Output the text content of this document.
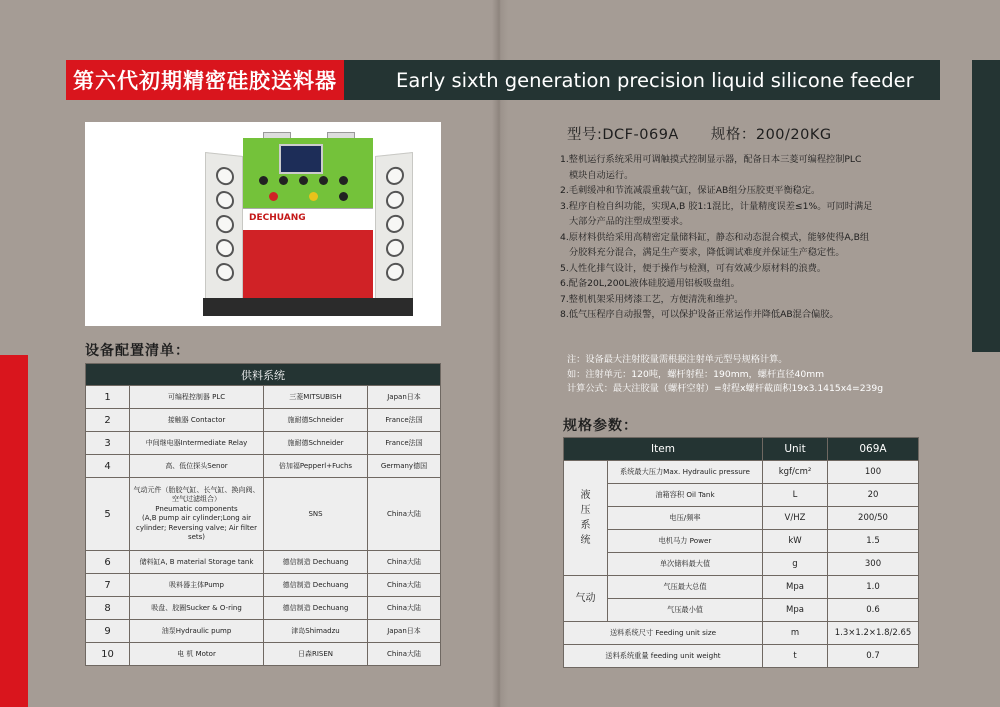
第六代初期精密硅胶送料器	Early sixth generation precision liquid silicone feeder
DECHUANG
型号:DCF-069A 规格：200/20KG
1.整机运行系统采用可调触摸式控制显示器，配备日本三菱可编程控制PLC
模块自动运行。
2.毛刺缓冲和节流减震重载气缸，保证AB组分压胶更平衡稳定。
3.程序自检自纠功能，实现A,B 胶1:1混比，计量精度误差≤1%。可同时满足
大部分产品的注塑成型要求。
4.原材料供给采用高精密定量储料缸，静态和动态混合模式，能够使得A,B组
分胶料充分混合，满足生产要求，降低调试难度并保证生产稳定性。
5.人性化排气设计，便于操作与检测，可有效减少原材料的浪费。
6.配备20L,200L液体硅胶通用铝板吸盘组。
7.整机机架采用烤漆工艺，方便清洗和维护。
8.低气压程序自动报警，可以保护设备正常运作并降低AB混合偏胶。
注：设备最大注射胶量需根据注射单元型号规格计算。
如：注射单元：120吨，螺杆射程：190mm，螺杆直径40mm
计算公式：最大注胶量（螺杆空射）=射程x螺杆截面积19x3.1415x4=239g
设备配置清单：
供料系统			
1	可编程控制器 PLC	三菱MITSUBISH	Japan日本
2	接触器 Contactor	施耐德Schneider	France法国
3	中间继电器Intermediate Relay	施耐德Schneider	France法国
4	高、低位探头Senor	倍加福Pepperl+Fuchs	Germany德国
5	气动元件（胎胶气缸、长气缸、换向阀、空气过滤组合）
Pneumatic components
(A,B pump air cylinder;Long air cylinder; Reversing valve; Air filter sets)	SNS	China大陆
6	储料缸A, B material Storage tank	德信制造 Dechuang	China大陆
7	吸料器主体Pump	德信制造 Dechuang	China大陆
8	吸盘、胶圈Sucker & O-ring	德信制造 Dechuang	China大陆
9	油泵Hydraulic pump	津岛Shimadzu	Japan日本
10	电 机 Motor	日森RISEN	China大陆
规格参数：
Item		Unit	069A

液
压
系
统	系统最大压力Max. Hydraulic pressure	kgf/cm²	100
	油箱容积 Oil Tank	L	20
	电压/频率	V/HZ	200/50
	电机马力 Power	kW	1.5
	单次储料最大值	g	300
气动	气压最大总值	Mpa	1.0
	气压最小值	Mpa	0.6
送料系统尺寸 Feeding unit size		m	1.3×1.2×1.8/2.65
送料系统重量 feeding unit weight		t	0.7
